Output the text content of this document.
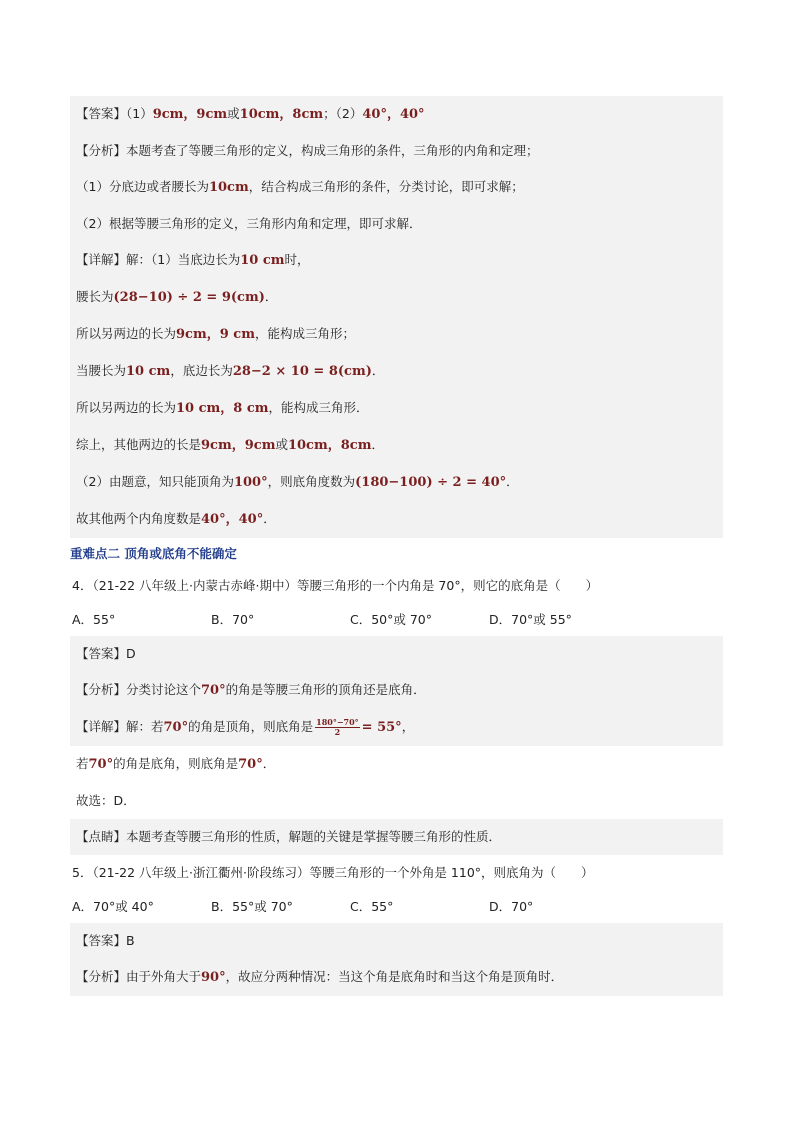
【答案】（1）9cm，9cm或10cm，8cm；（2）40°，40°
【分析】本题考查了等腰三角形的定义，构成三角形的条件，三角形的内角和定理；
（1）分底边或者腰长为10cm，结合构成三角形的条件，分类讨论，即可求解；
（2）根据等腰三角形的定义，三角形内角和定理，即可求解．
【详解】解：（1）当底边长为10 cm时，
腰长为(28−10) ÷ 2 = 9(cm)．
所以另两边的长为9cm，9 cm，能构成三角形；
当腰长为10 cm，底边长为28−2 × 10 = 8(cm)．
所以另两边的长为10 cm，8 cm，能构成三角形．
综上，其他两边的长是9cm，9cm或10cm，8cm．
（2）由题意，知只能顶角为100°，则底角度数为(180−100) ÷ 2 = 40°．
故其他两个内角度数是40°，40°．
重难点二 顶角或底角不能确定
4．（21-22 八年级上·内蒙古赤峰·期中）等腰三角形的一个内角是 70°，则它的底角是（　　）
A．55°	B．70°	C．50°或 70°	D．70°或 55°
【答案】D
【分析】分类讨论这个70°的角是等腰三角形的顶角还是底角．
【详解】解：若70°的角是顶角，则底角是 $\frac{180^\circ-70^\circ}{2} = 55^\circ$，
若70°的角是底角，则底角是70°．
故选：D．
【点睛】本题考查等腰三角形的性质，解题的关键是掌握等腰三角形的性质．
5．（21-22 八年级上·浙江衢州·阶段练习）等腰三角形的一个外角是 110°，则底角为（　　）
A．70°或 40°	B．55°或 70°	C．55°	D．70°
【答案】B
【分析】由于外角大于90°，故应分两种情况：当这个角是底角时和当这个角是顶角时．
